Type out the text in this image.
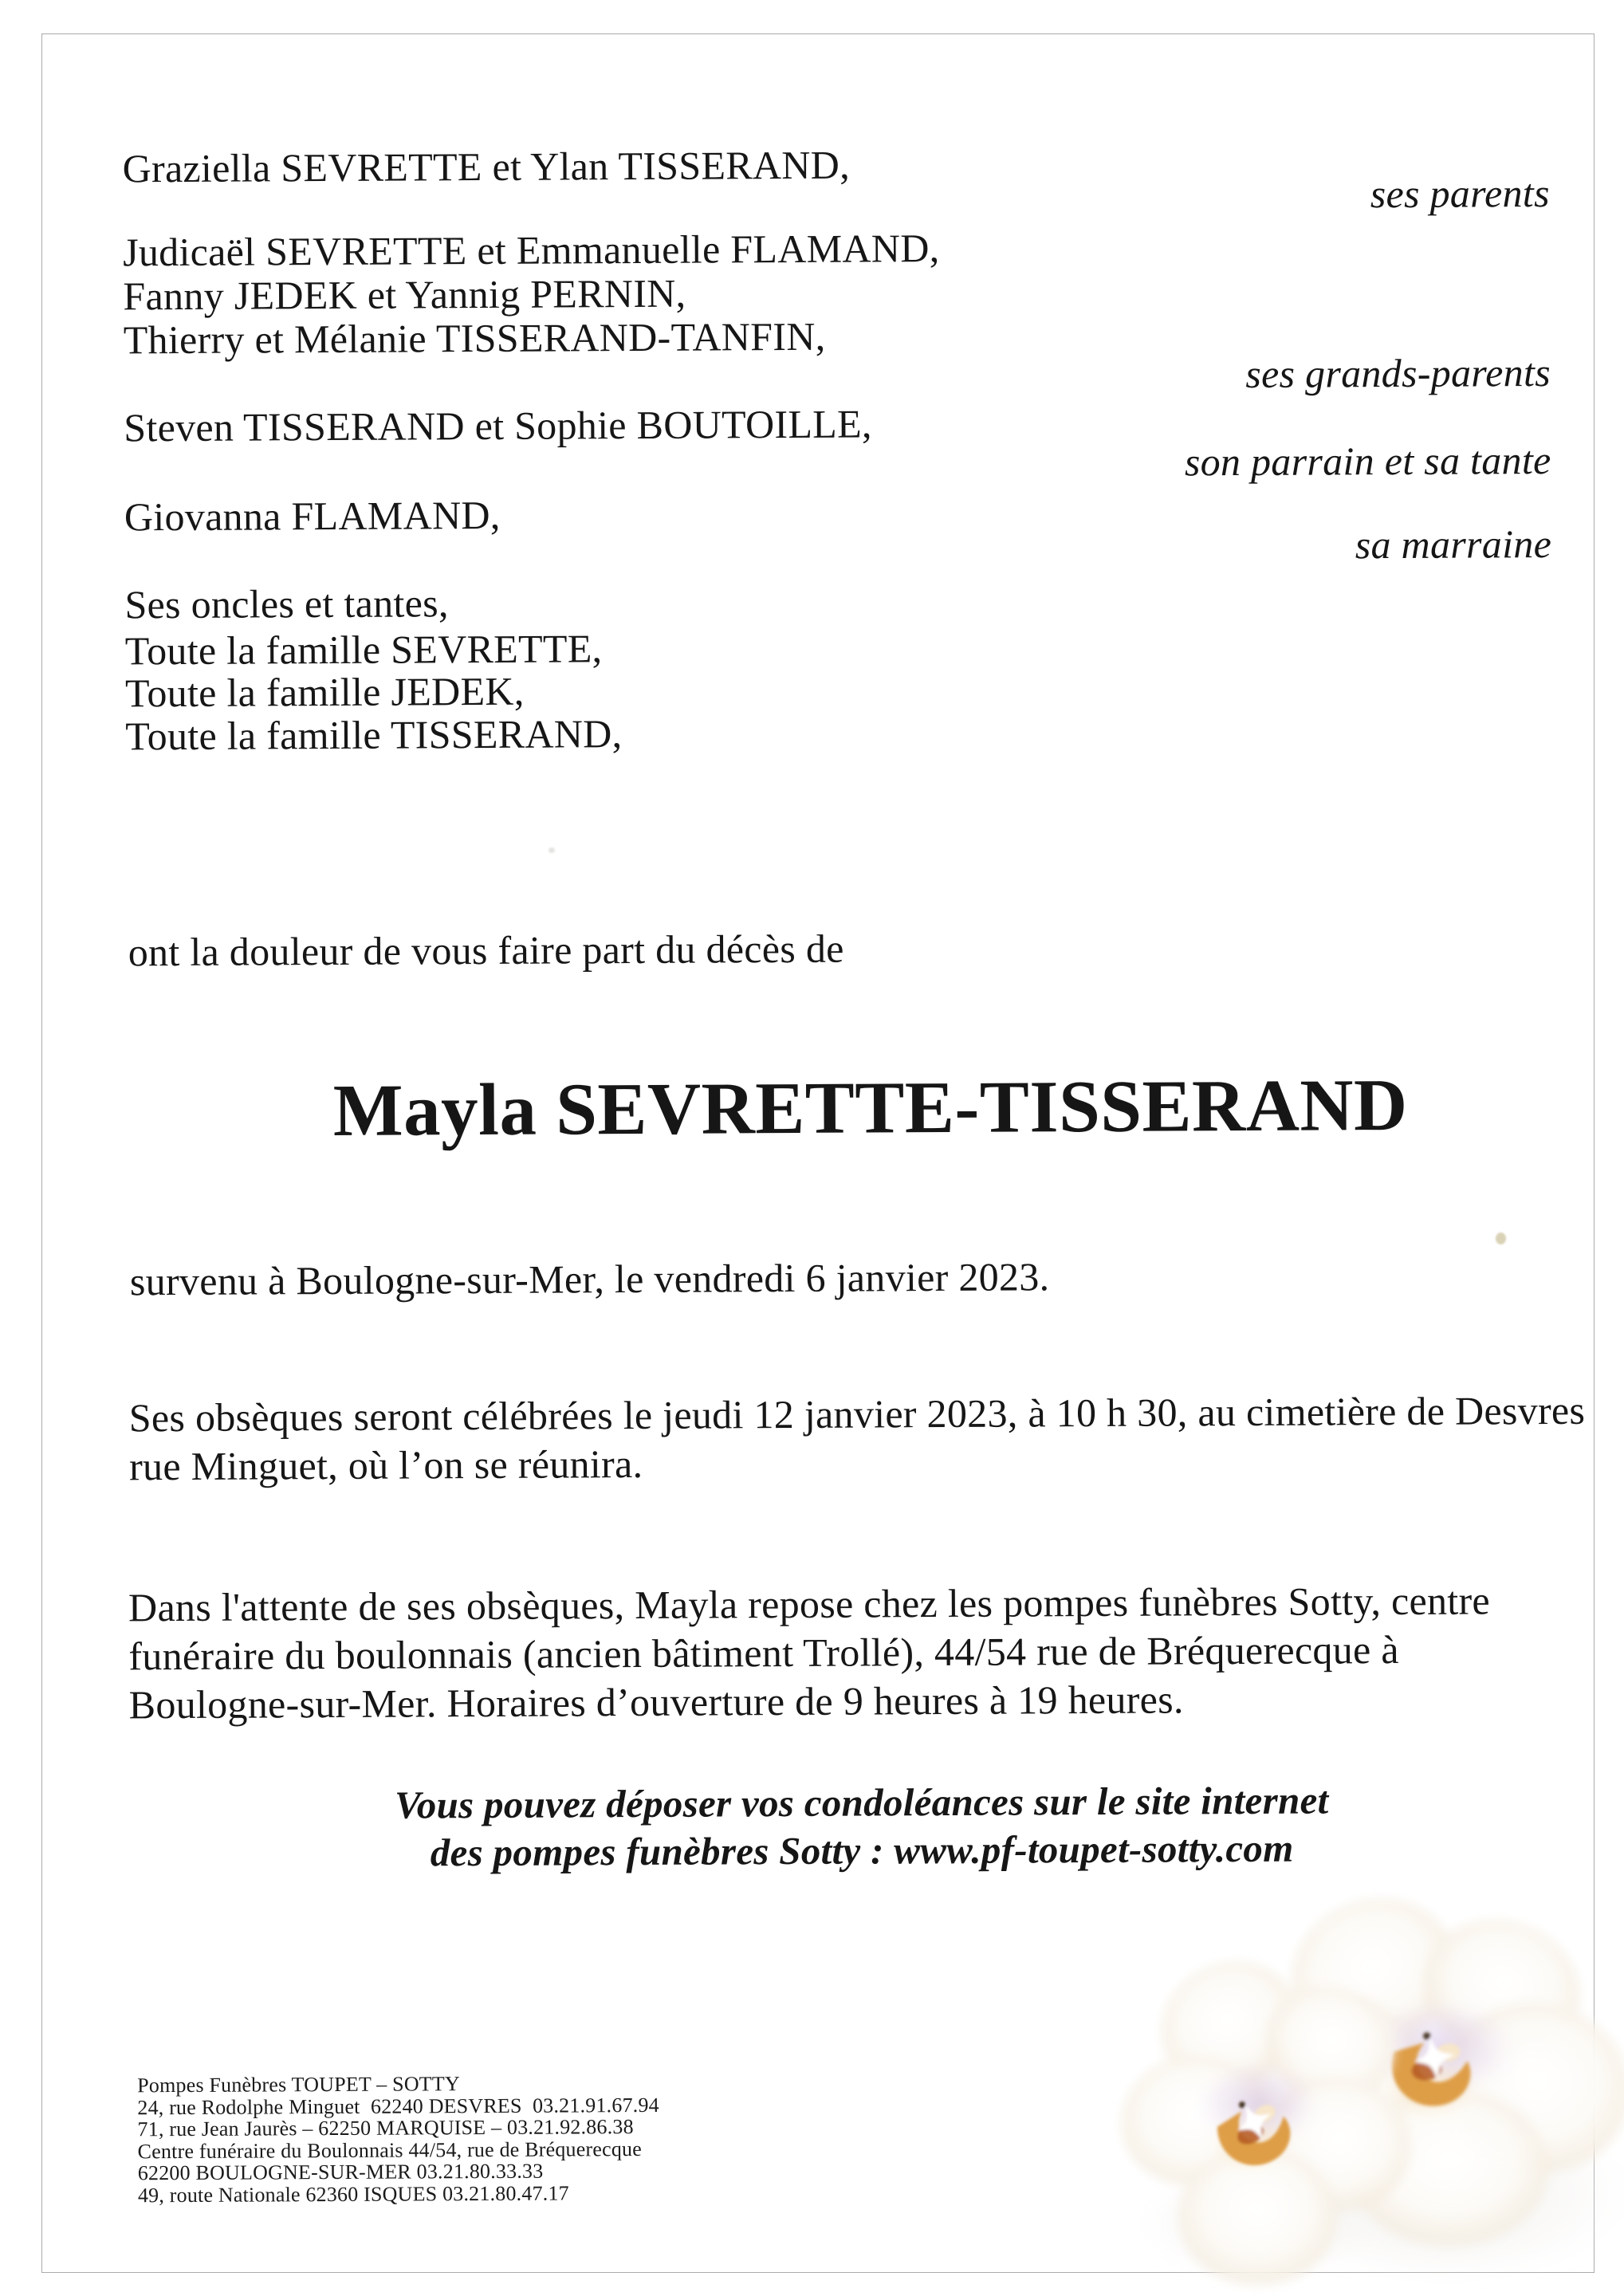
Graziella SEVRETTE et Ylan TISSERAND,
Judicaël SEVRETTE et Emmanuelle FLAMAND,
Fanny JEDEK et Yannig PERNIN,
Thierry et Mélanie TISSERAND-TANFIN,
Steven TISSERAND et Sophie BOUTOILLE,
Giovanna FLAMAND,
Ses oncles et tantes,
Toute la famille SEVRETTE,
Toute la famille JEDEK,
Toute la famille TISSERAND,
ses parents
ses grands-parents
son parrain et sa tante
sa marraine
ont la douleur de vous faire part du décès de
Mayla SEVRETTE-TISSERAND
survenu à Boulogne-sur-Mer, le vendredi 6 janvier 2023.
Ses obsèques seront célébrées le jeudi 12 janvier 2023, à 10 h 30, au cimetière de Desvres
rue Minguet, où l’on se réunira.
Dans l'attente de ses obsèques, Mayla repose chez les pompes funèbres Sotty, centre
funéraire du boulonnais (ancien bâtiment Trollé), 44/54 rue de Bréquerecque à
Boulogne-sur-Mer. Horaires d’ouverture de 9 heures à 19 heures.
Vous pouvez déposer vos condoléances sur le site internet
des pompes funèbres Sotty : www.pf-toupet-sotty.com
Pompes Funèbres TOUPET – SOTTY
24, rue Rodolphe Minguet  62240 DESVRES  03.21.91.67.94
71, rue Jean Jaurès – 62250 MARQUISE – 03.21.92.86.38
Centre funéraire du Boulonnais 44/54, rue de Bréquerecque
62200 BOULOGNE-SUR-MER 03.21.80.33.33
49, route Nationale 62360 ISQUES 03.21.80.47.17
